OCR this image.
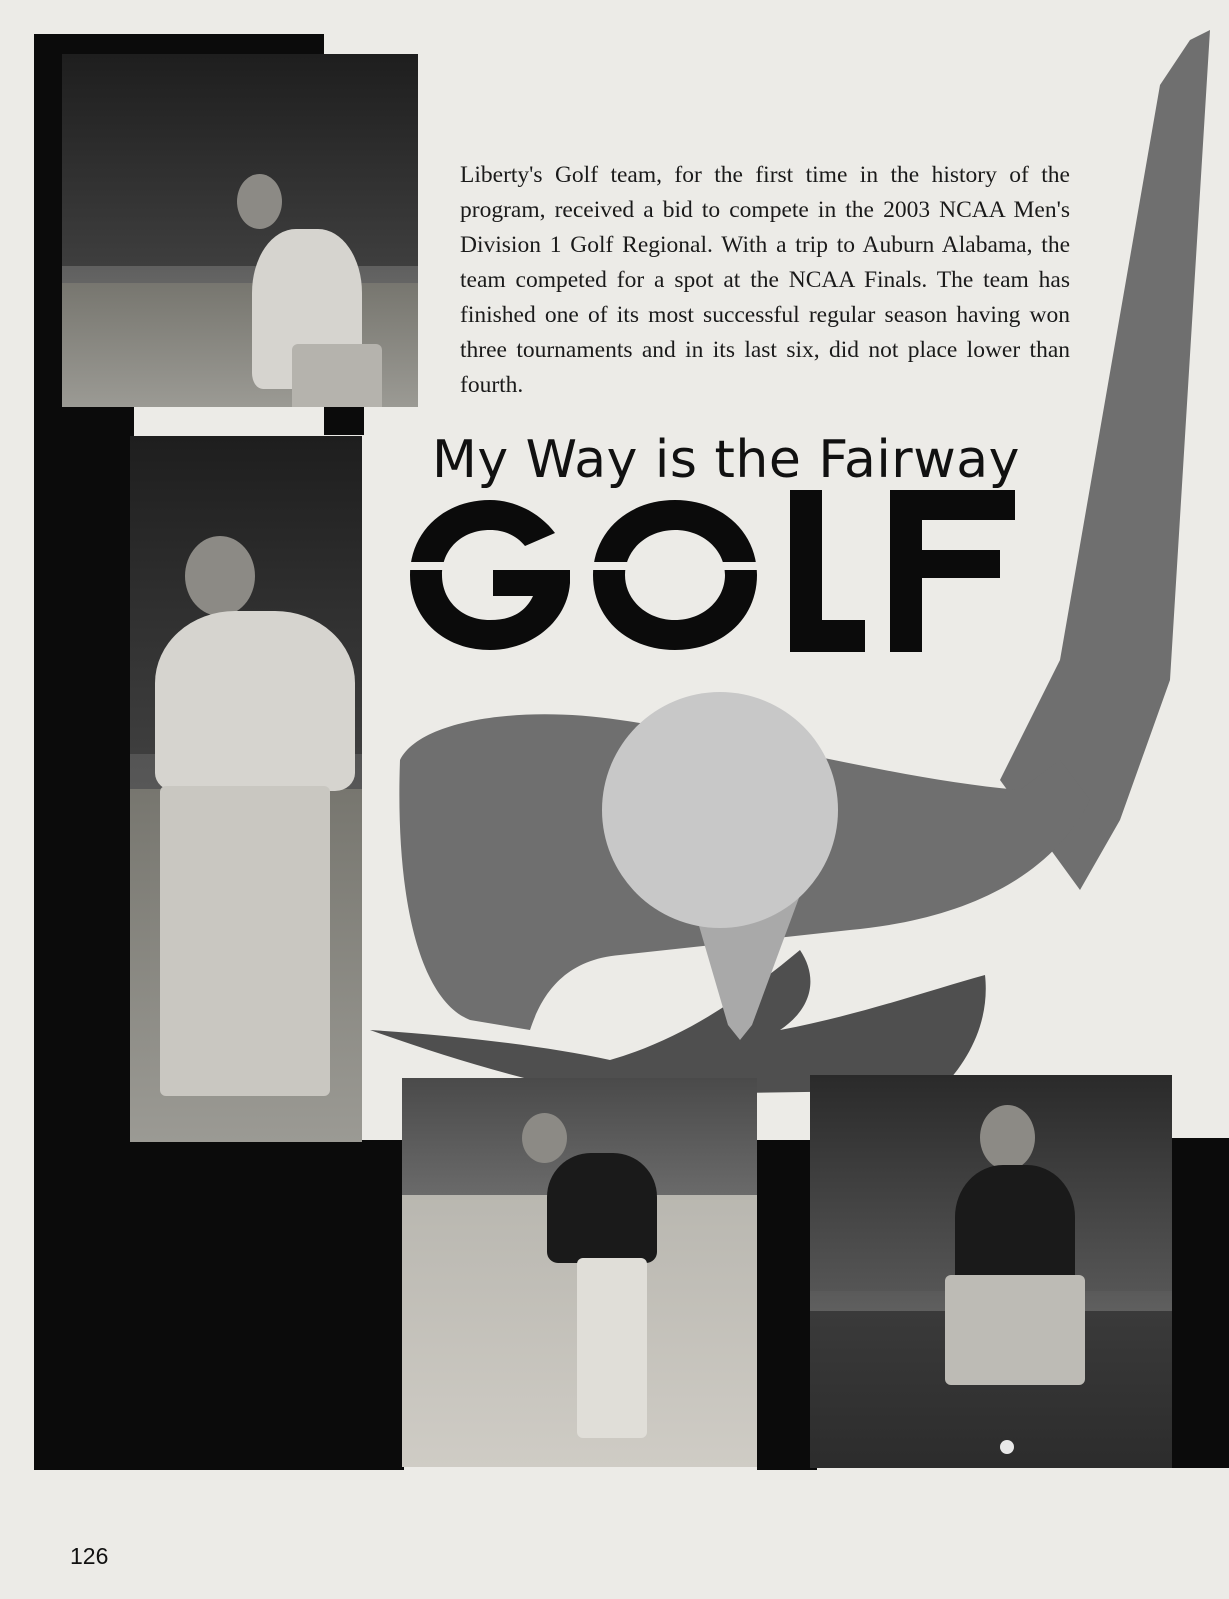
Liberty's Golf team, for the first time in the history of the program, received a bid to compete in the 2003 NCAA Men's Division 1 Golf Regional. With a trip to Auburn Alabama, the team competed for a spot at the NCAA Finals. The team has finished one of its most successful regular season having won three tournaments and in its last six, did not place lower than fourth.

My Way is the Fairway
126
